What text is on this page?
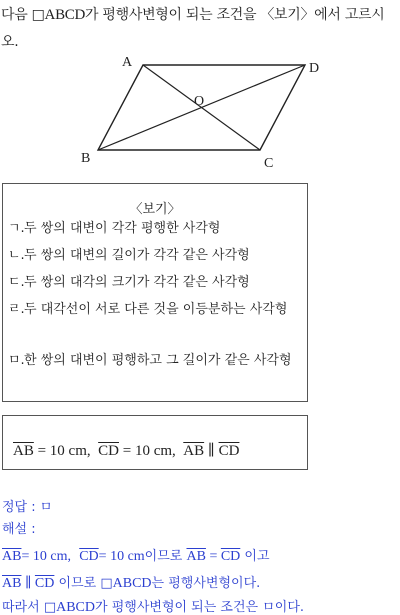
다음 □ABCD가 평행사변형이 되는 조건을 〈보기〉에서 고르시오.
A	D
B	C
O
〈보기〉
ㄱ. 두 쌍의 대변이 각각 평행한 사각형
ㄴ. 두 쌍의 대변의 길이가 각각 같은 사각형
ㄷ. 두 쌍의 대각의 크기가 각각 같은 사각형
ㄹ. 두 대각선이 서로 다른 것을 이등분하는 사각형
ㅁ. 한 쌍의 대변이 평행하고 그 길이가 같은 사각형
$\overline{AB} = 10$ cm, $\overline{CD} = 10$ cm, $\overline{AB}$ ∥ $\overline{CD}$
정답 : ㅁ
해설 :
$\overline{AB}= 10$ cm, $\overline{CD}= 10$ cm이므로 $\overline{AB} = \overline{CD}$ 이고
$\overline{AB}$ ∥ $\overline{CD}$ 이므로 □ABCD는 평행사변형이다.
따라서 □ABCD가 평행사변형이 되는 조건은 ㅁ이다.
